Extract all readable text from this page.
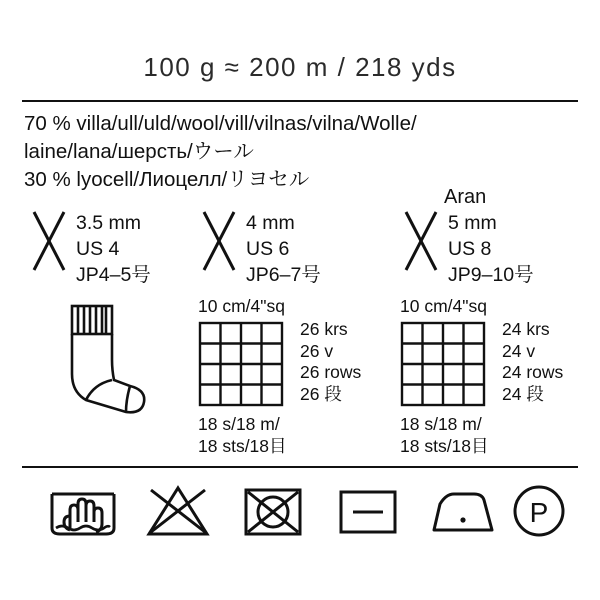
100 g ≈ 200 m / 218 yds
70 % villa/ull/uld/wool/vill/vilnas/vilna/Wolle/
laine/lana/шерсть/ウール
30 % lyocell/Лиоцелл/リヨセル
Aran
3.5 mm
US 4
JP4–5号
4 mm
US 6
JP6–7号
5 mm
US 8
JP9–10号
10 cm/4"sq
26 krs
26 v
26 rows
26 段
18 s/18 m/
18 sts/18目
10 cm/4"sq
24 krs
24 v
24 rows
24 段
18 s/18 m/
18 sts/18目
P
